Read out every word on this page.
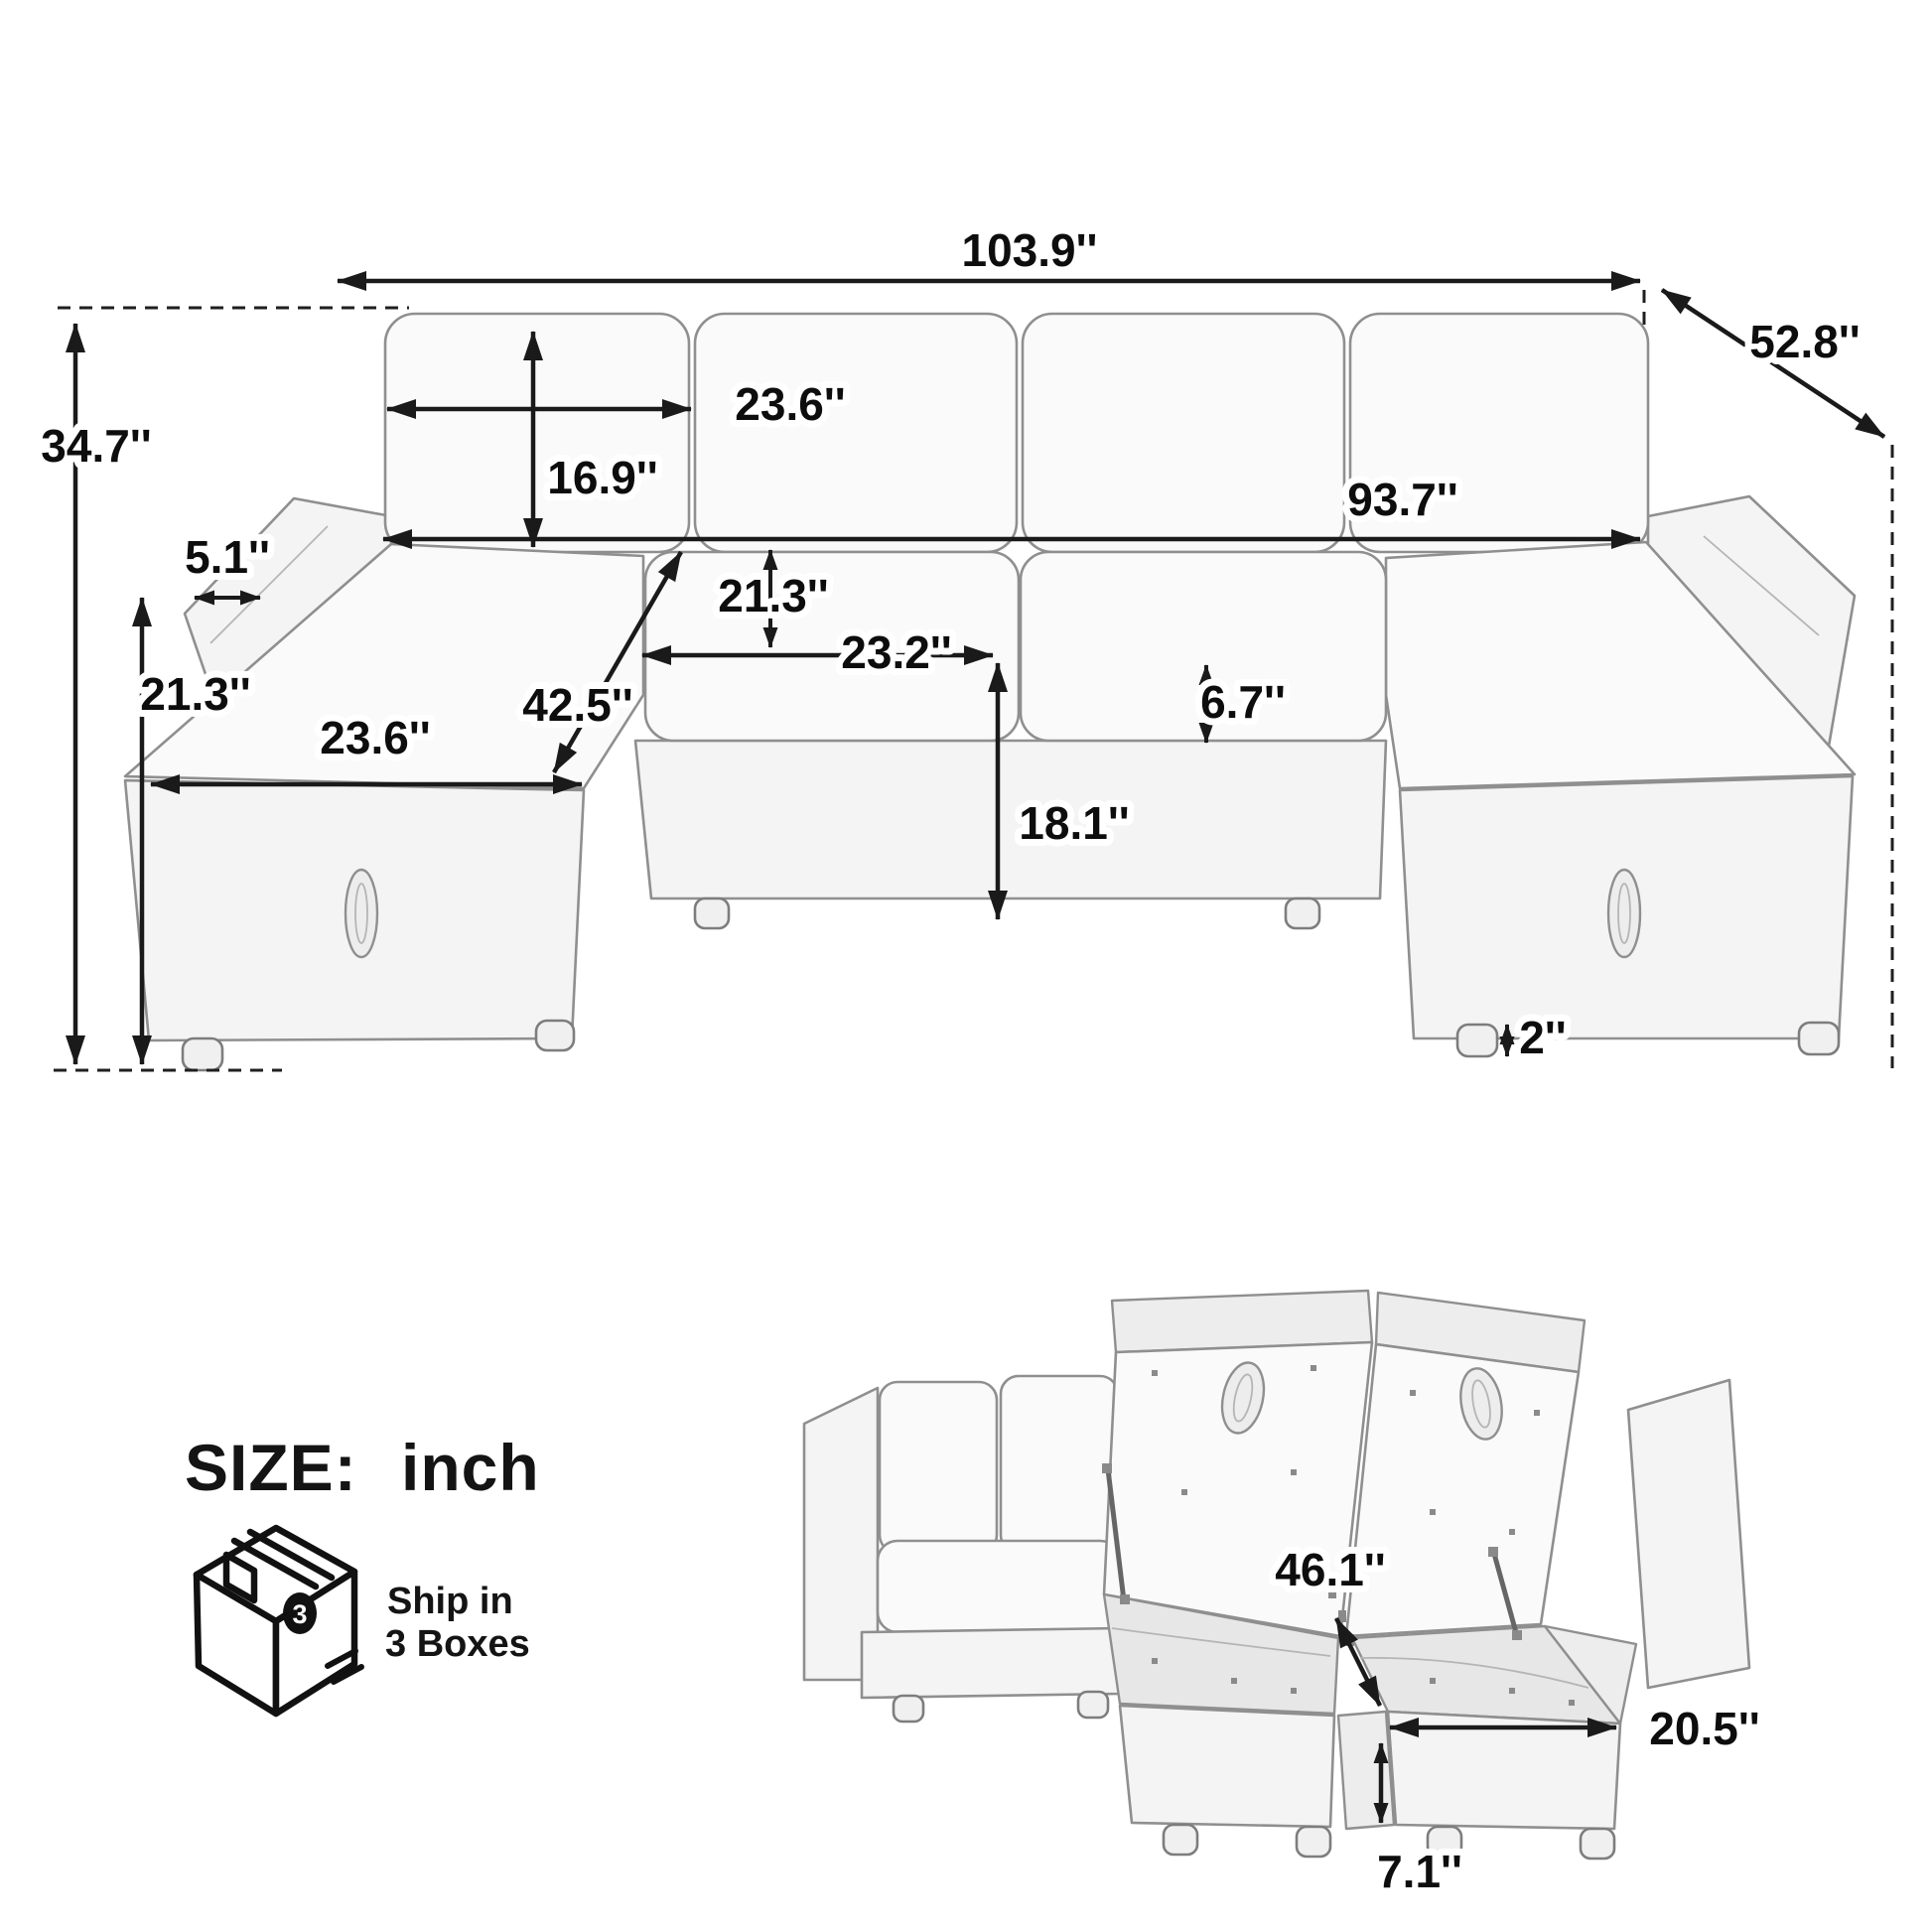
103.9''
52.8''
34.7''
23.6''
16.9''	93.7''
5.1''
21.3''
21.3''
23.2''
42.5''
23.6''
6.7''
18.1''
2''
46.1''
20.5''
7.1''
SIZE: inch
3 Ship in
3 Boxes
